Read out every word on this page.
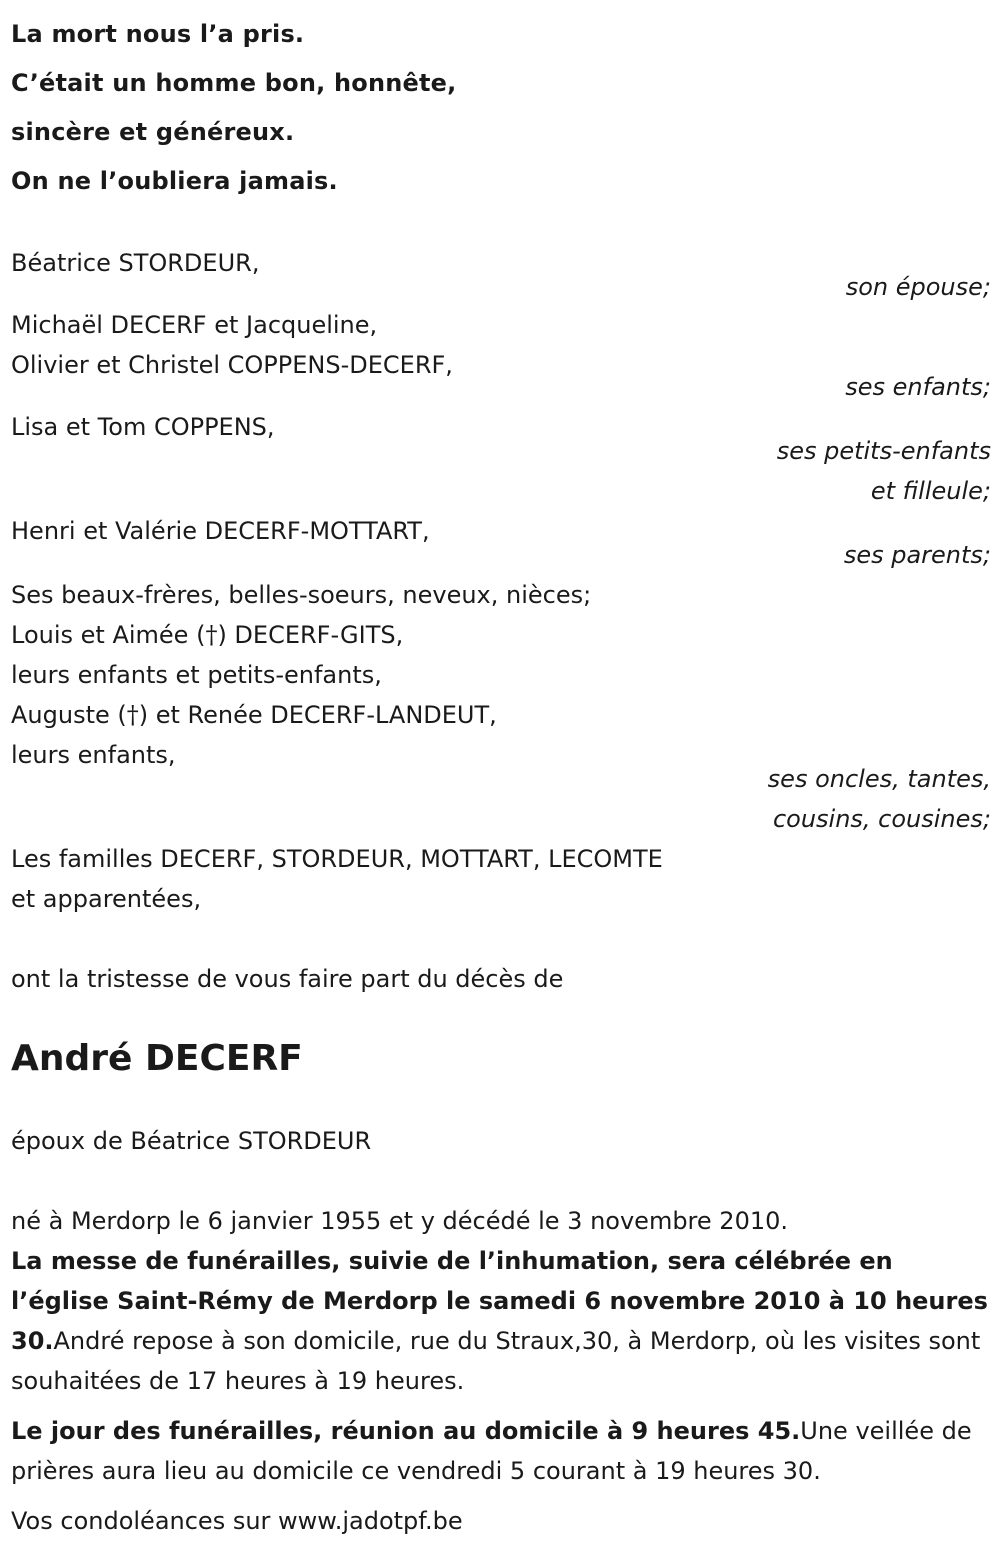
La mort nous l’a pris.
C’était un homme bon, honnête,
sincère et généreux.
On ne l’oubliera jamais.
Béatrice STORDEUR,
son épouse;
Michaël DECERF et Jacqueline,
Olivier et Christel COPPENS-DECERF,
ses enfants;
Lisa et Tom COPPENS,
ses petits-enfants
et filleule;
Henri et Valérie DECERF-MOTTART,
ses parents;
Ses beaux-frères, belles-soeurs, neveux, nièces;
Louis et Aimée (†) DECERF-GITS,
leurs enfants et petits-enfants,
Auguste (†) et Renée DECERF-LANDEUT,
leurs enfants,
ses oncles, tantes,
cousins, cousines;
Les familles DECERF, STORDEUR, MOTTART, LECOMTE
et apparentées,

ont la tristesse de vous faire part du décès de

André DECERF

époux de Béatrice STORDEUR

né à Merdorp le 6 janvier 1955 et y décédé le 3 novembre 2010.

La messe de funérailles, suivie de l’inhumation, sera célébrée en l’église Saint-Rémy de Merdorp le samedi 6 novembre 2010 à 10 heures 30.André repose à son domicile, rue du Straux,30, à Merdorp, où les visites sont souhaitées de 17 heures à 19 heures.

Le jour des funérailles, réunion au domicile à 9 heures 45.Une veillée de prières aura lieu au domicile ce vendredi 5 courant à 19 heures 30.

Vos condoléances sur www.jadotpf.be
